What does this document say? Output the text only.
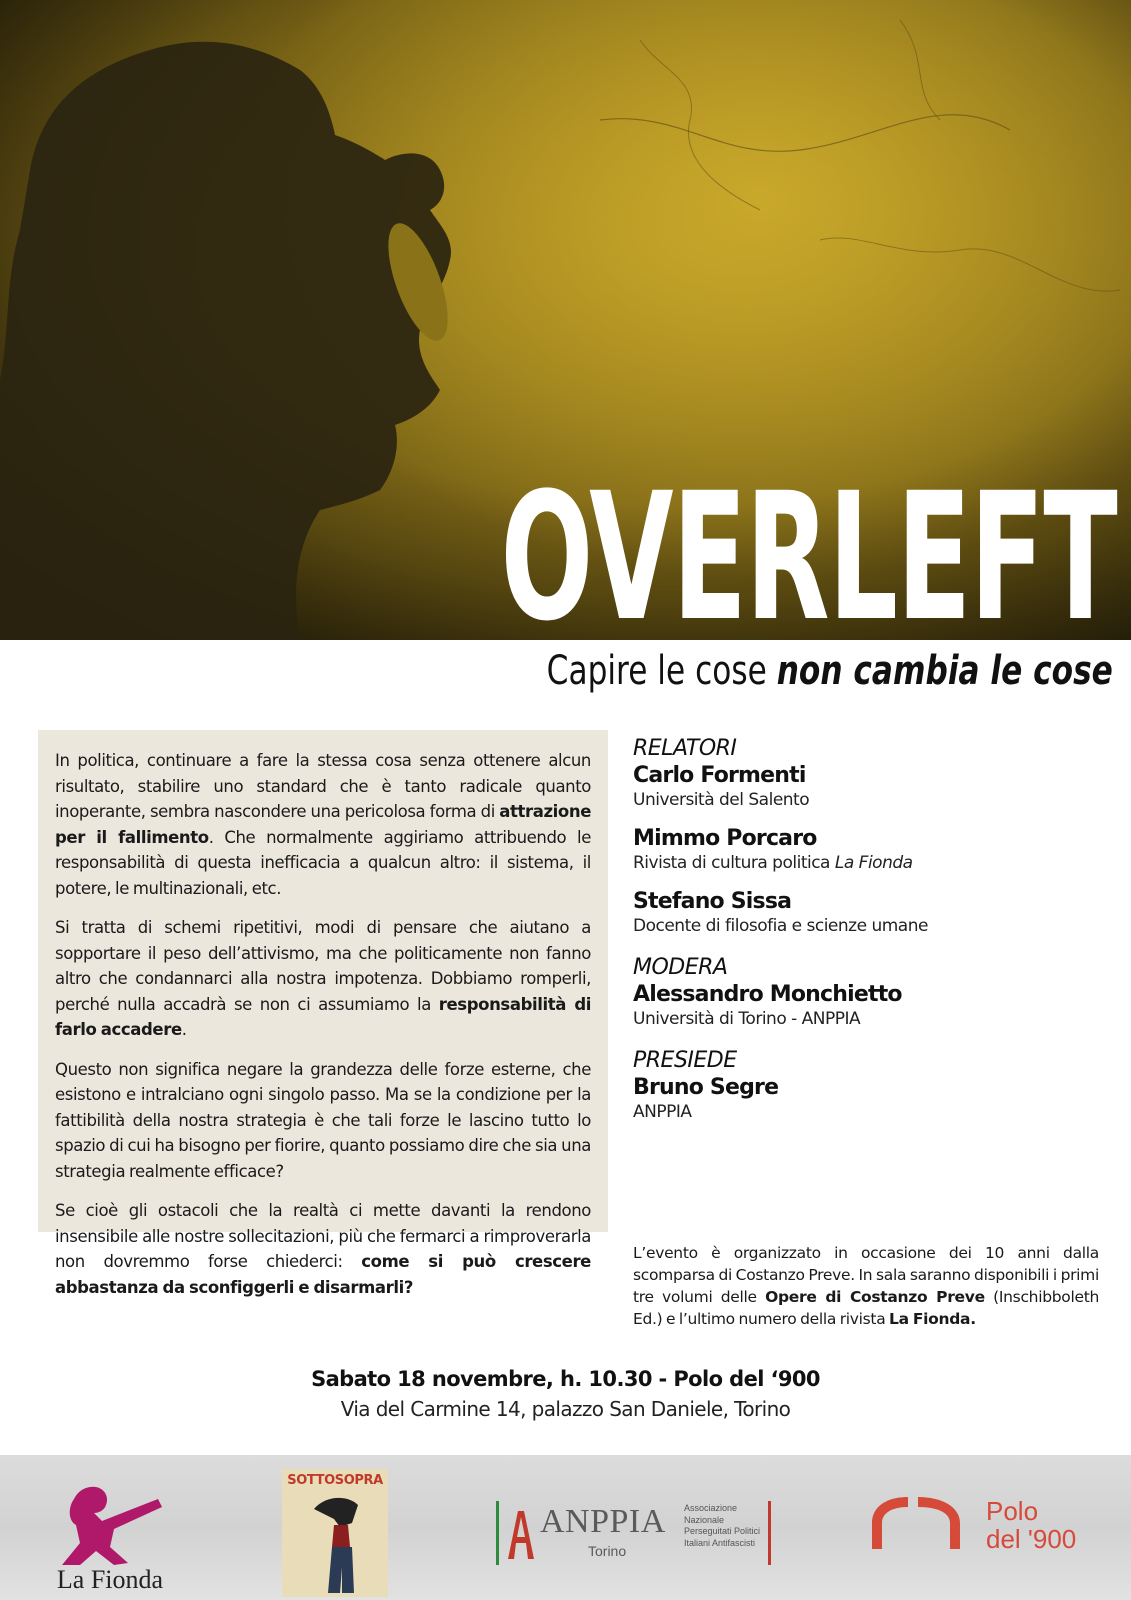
OVERLEFT
Capire le cose non cambia le cose

In politica, continuare a fare la stessa cosa senza ottenere alcun risultato, stabilire uno standard che è tanto radicale quanto inoperante, sembra nascondere una pericolosa forma di attrazione per il fallimento. Che normalmente aggiriamo attribuendo le responsabilità di questa inefficacia a qualcun altro: il sistema, il potere, le multinazionali, etc.

Si tratta di schemi ripetitivi, modi di pensare che aiutano a sopportare il peso dell’attivismo, ma che politicamente non fanno altro che condannarci alla nostra impotenza. Dobbiamo romperli, perché nulla accadrà se non ci assumiamo la responsabilità di farlo accadere.

Questo non significa negare la grandezza delle forze esterne, che esistono e intralciano ogni singolo passo. Ma se la condizione per la fattibilità della nostra strategia è che tali forze le lascino tutto lo spazio di cui ha bisogno per fiorire, quanto possiamo dire che sia una strategia realmente efficace?

Se cioè gli ostacoli che la realtà ci mette davanti la rendono insensibile alle nostre sollecitazioni, più che fermarci a rimproverarla non dovremmo forse chiederci: come si può crescere abbastanza da sconfiggerli e disarmarli?

RELATORI
Carlo Formenti
Università del Salento
Mimmo Porcaro
Rivista di cultura politica La Fionda
Stefano Sissa
Docente di filosofia e scienze umane
MODERA
Alessandro Monchietto
Università di Torino - ANPPIA
PRESIEDE
Bruno Segre
ANPPIA
L’evento è organizzato in occasione dei 10 anni dalla scomparsa di Costanzo Preve. In sala saranno disponibili i primi tre volumi delle Opere di Costanzo Preve (Inschibboleth Ed.) e l’ultimo numero della rivista La Fionda.
Sabato 18 novembre, h. 10.30 - Polo del ‘900
Via del Carmine 14, palazzo San Daniele, Torino
La Fionda
SOTTOSOPRA
ANPPIA
Torino
Associazione Nazionale Perseguitati Politici Italiani Antifascisti
Polo
del '900
